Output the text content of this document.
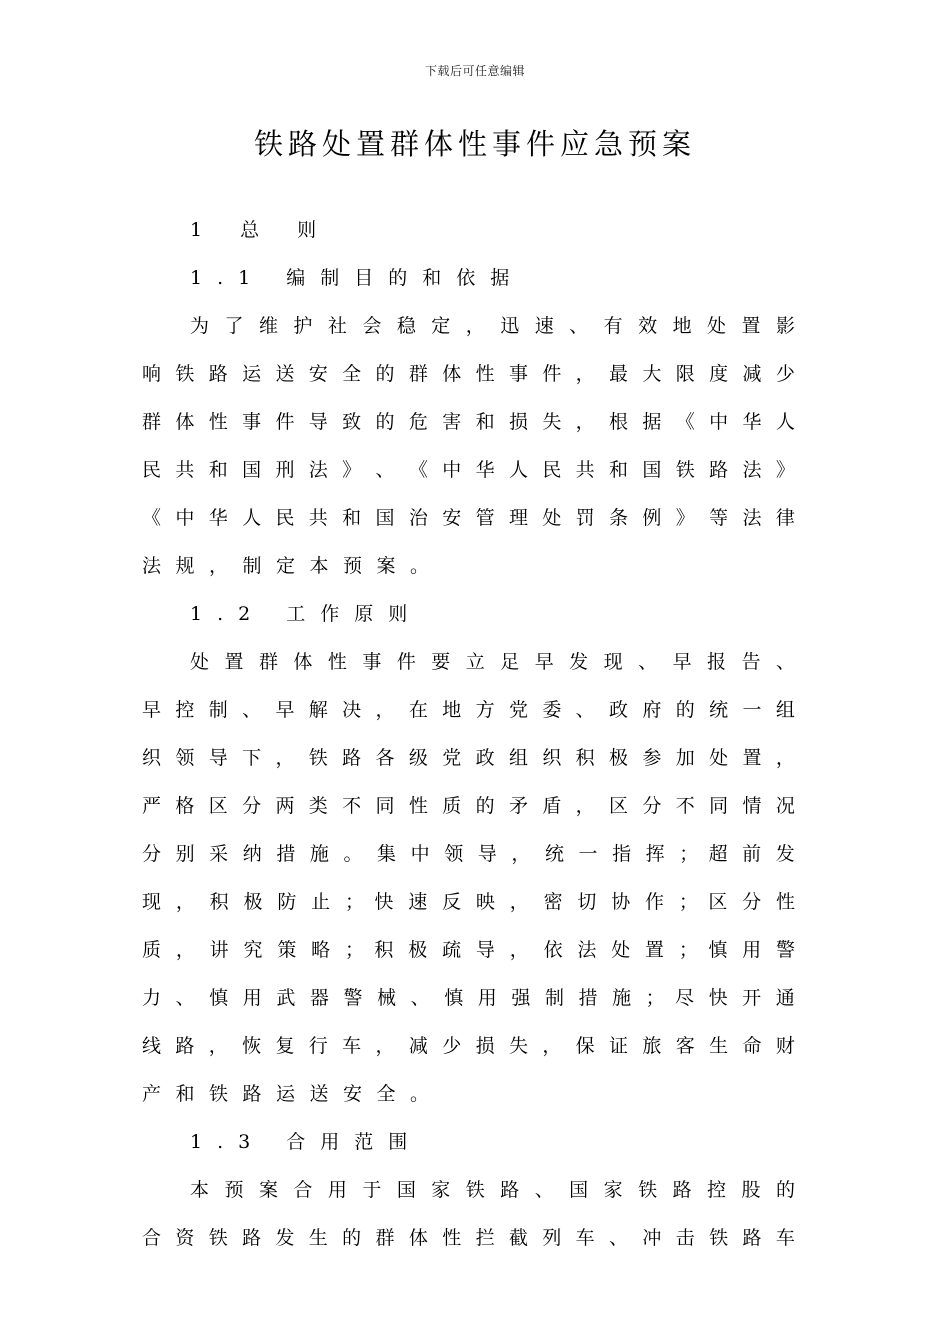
下载后可任意编辑
铁路处置群体性事件应急预案
1 总 则
1.1 编制目的和依据
为 了 维 护 社 会 稳 定 ， 迅 速 、 有 效 地 处 置 影
响 铁 路 运 送 安 全 的 群 体 性 事 件 ， 最 大 限 度 减 少
群 体 性 事 件 导 致 的 危 害 和 损 失 ， 根 据 《 中 华 人
民 共 和 国 刑 法 》 、 《 中 华 人 民 共 和 国 铁 路 法 》
《 中 华 人 民 共 和 国 治 安 管 理 处 罚 条 例 》 等 法 律
法规，制定本预案。
1.2 工作原则
处 置 群 体 性 事 件 要 立 足 早 发 现 、 早 报 告 、
早 控 制 、 早 解 决 ， 在 地 方 党 委 、 政 府 的 统 一 组
织 领 导 下 ， 铁 路 各 级 党 政 组 织 积 极 参 加 处 置 ，
严 格 区 分 两 类 不 同 性 质 的 矛 盾 ， 区 分 不 同 情 况
分 别 采 纳 措 施 。 集 中 领 导 ， 统 一 指 挥 ； 超 前 发
现 ， 积 极 防 止 ； 快 速 反 映 ， 密 切 协 作 ； 区 分 性
质 ， 讲 究 策 略 ； 积 极 疏 导 ， 依 法 处 置 ； 慎 用 警
力 、 慎 用 武 器 警 械 、 慎 用 强 制 措 施 ； 尽 快 开 通
线 路 ， 恢 复 行 车 ， 减 少 损 失 ， 保 证 旅 客 生 命 财
产和铁路运送安全。
1.3 合用范围
本 预 案 合 用 于 国 家 铁 路 、 国 家 铁 路 控 股 的
合 资 铁 路 发 生 的 群 体 性 拦 截 列 车 、 冲 击 铁 路 车
